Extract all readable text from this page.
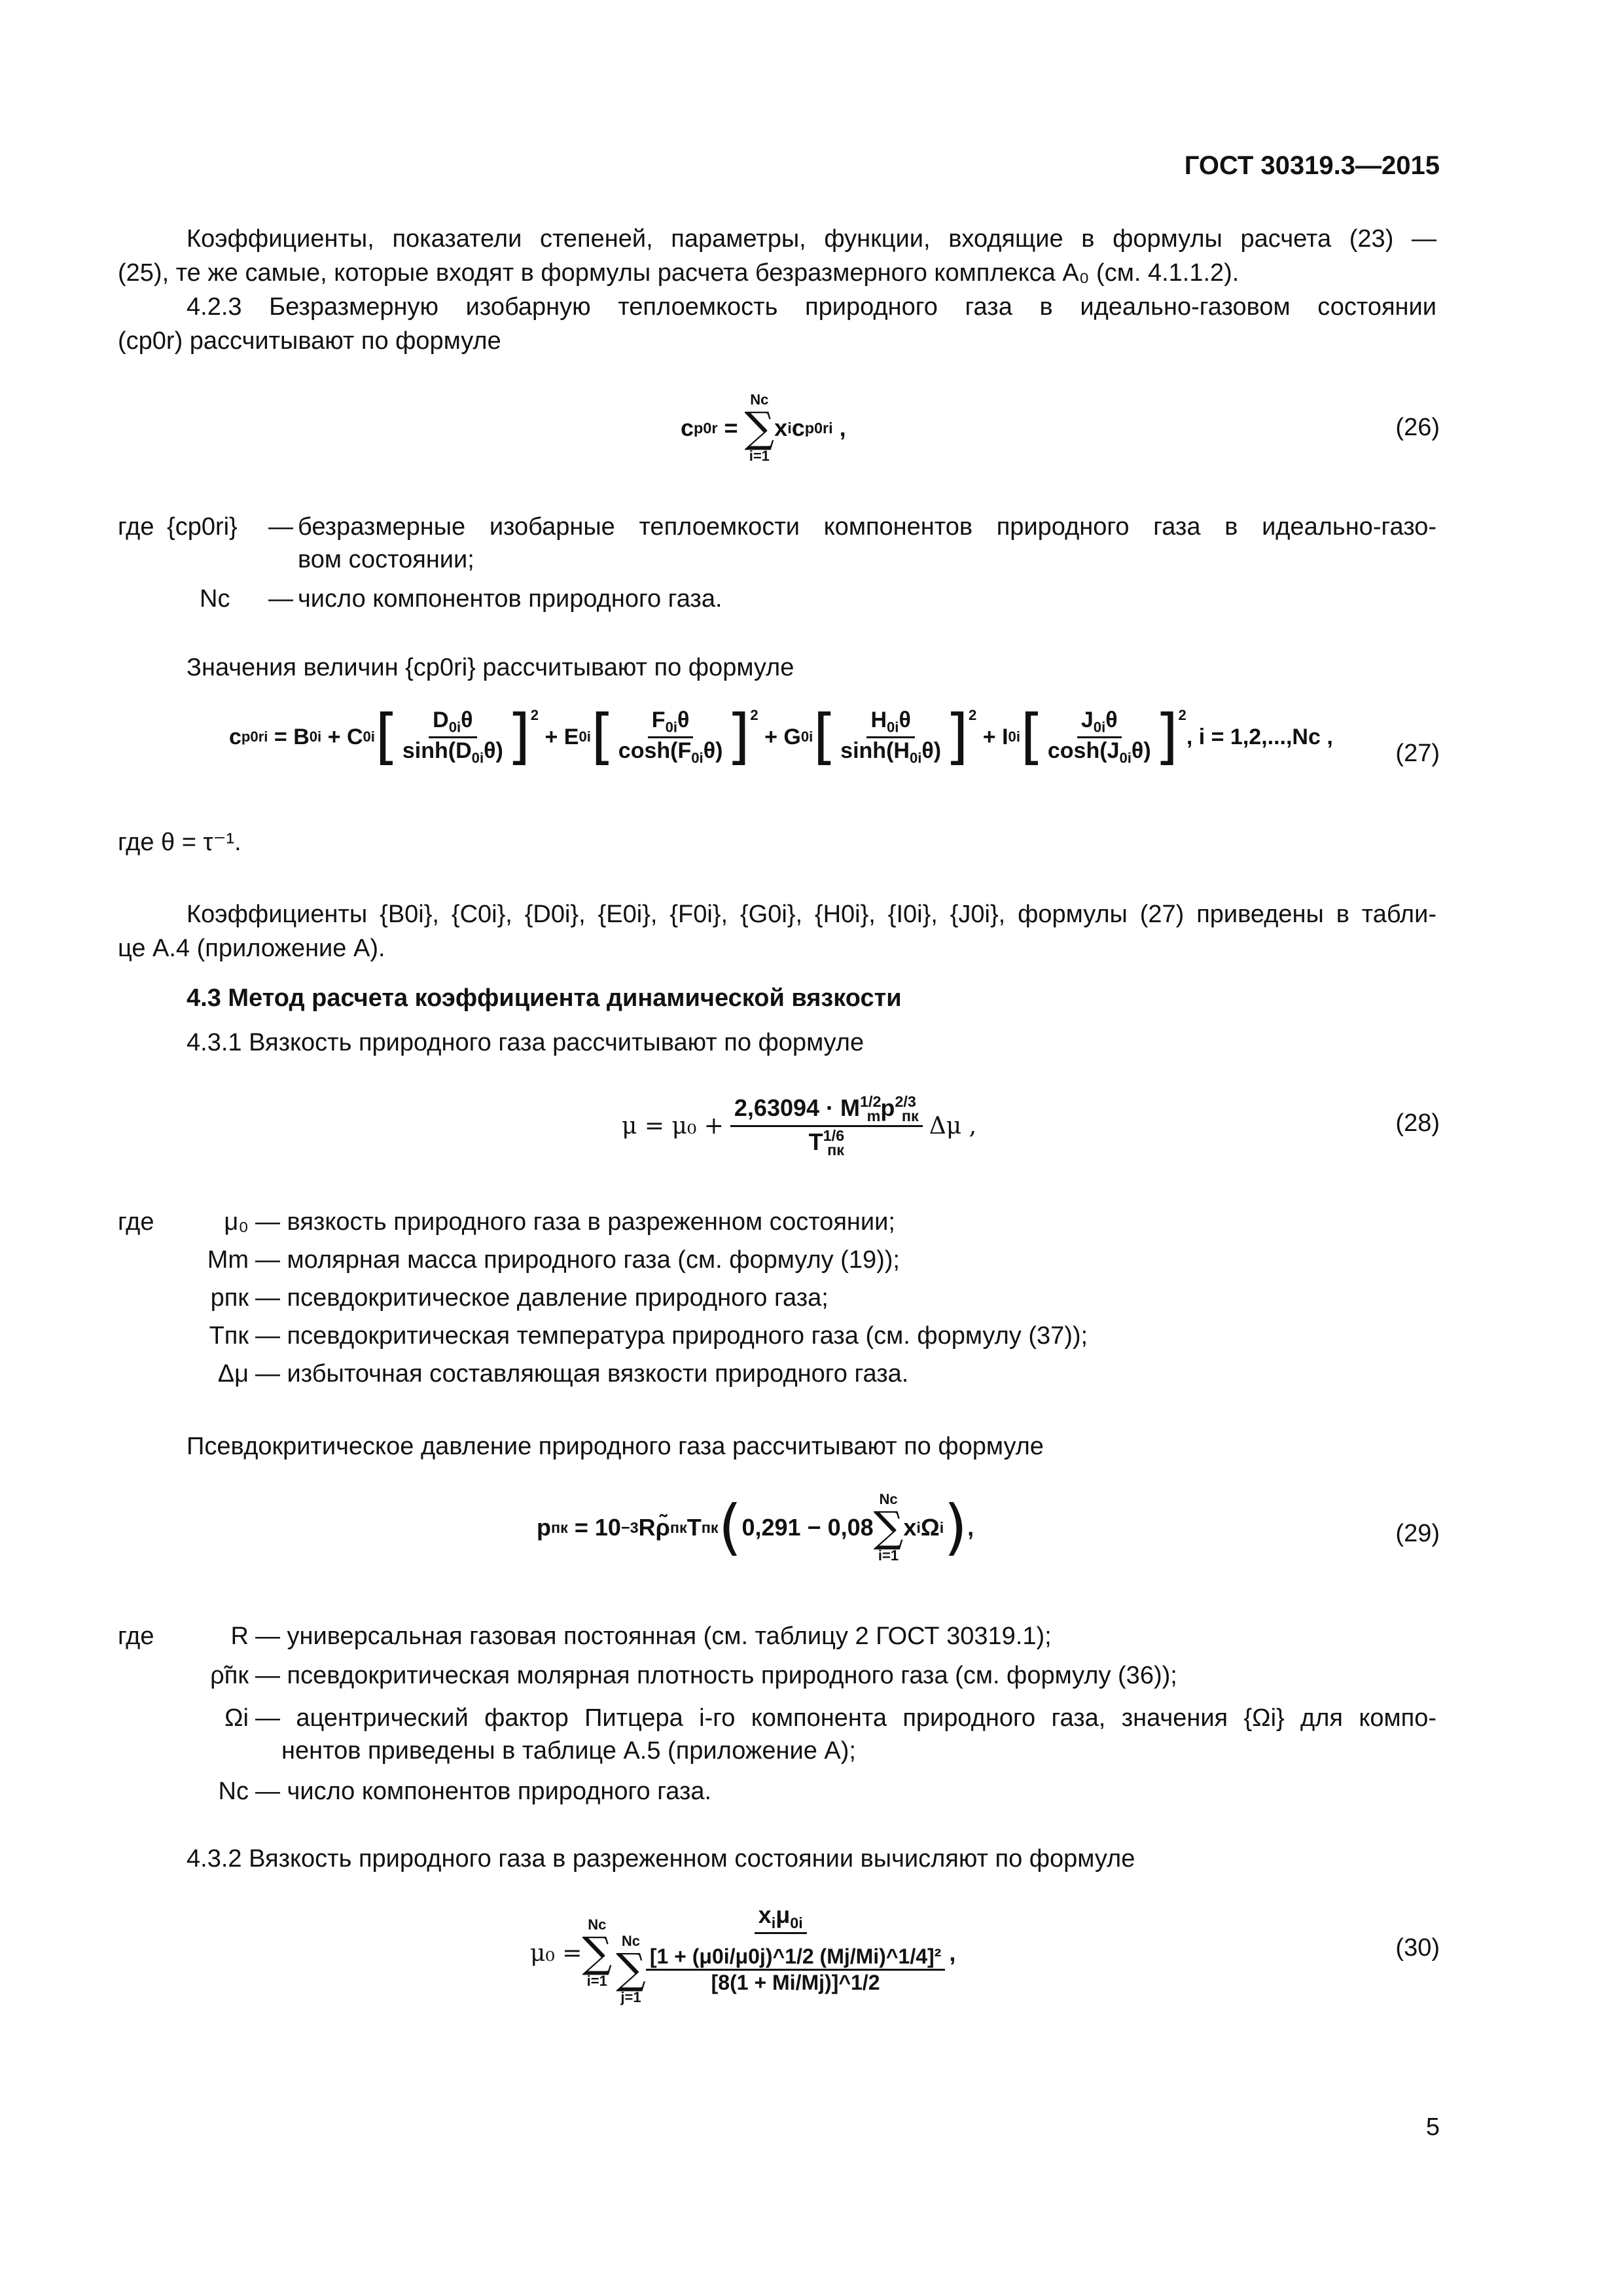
ГОСТ 30319.3—2015
Коэффициенты, показатели степеней, параметры, функции, входящие в формулы расчета (23) —
(25), те же самые, которые входят в формулы расчета безразмерного комплекса A₀ (см. 4.1.1.2).
4.2.3 Безразмерную изобарную теплоемкость природного газа в идеально-газовом состоянии
(cp0r) рассчитывают по формуле
c p0r =
Nc
∑
i=1
x i c p0ri
,	(26)
где {cp0ri} — безразмерные изобарные теплоемкости компонентов природного газа в идеально-газо-
вом состоянии;
Nc — число компонентов природного газа.
Значения величин {cp0ri} рассчитывают по формуле
c p0ri = B 0i + C 0i [ $\frac{D_{0i}\theta}{\sinh(D_{0i}\theta)} ]^2$
+ E 0i [ $\frac{F_{0i}\theta}{\cosh(F_{0i}\theta)} ]^2$
+ G 0i [ $\frac{H_{0i}\theta}{\sinh(H_{0i}\theta)} ]^2$
+ I 0i [ $\frac{J_{0i}\theta}{\cosh(J_{0i}\theta)} ]^2$
, i = 1,2,...,Nc ,
(27)
где θ = τ⁻¹.
Коэффициенты {B0i}, {C0i}, {D0i}, {E0i}, {F0i}, {G0i}, {H0i}, {I0i}, {J0i}, формулы (27) приведены в табли-
це А.4 (приложение А).
4.3 Метод расчета коэффициента динамической вязкости
4.3.1 Вязкость природного газа рассчитывают по формуле
μ = μ₀ +
$\frac{2,63094 \cdot M^{1/2}_mp^{2/3}_{пк}}{T^{1/6}_{пк}}$
Δμ ,	(28)
где	μ₀ — вязкость природного газа в разреженном состоянии;
Mm — молярная масса природного газа (см. формулу (19));
pпк — псевдокритическое давление природного газа;
Tпк — псевдокритическая температура природного газа (см. формулу (37));
Δμ — избыточная составляющая вязкости природного газа.
Псевдокритическое давление природного газа рассчитывают по формуле
p пк
= 10 −3 R ρ̃ пк T пк ( 0,291 − 0,08
Nc
∑
i=1
x i Ω i ) ,	(29)
где	R — универсальная газовая постоянная (см. таблицу 2 ГОСТ 30319.1);
ρ̃пк — псевдокритическая молярная плотность природного газа (см. формулу (36));
Ωi — ацентрический фактор Питцера i-го компонента природного газа, значения {Ωi} для компо-
нентов приведены в таблице А.5 (приложение А);
Nc — число компонентов природного газа.
4.3.2 Вязкость природного газа в разреженном состоянии вычисляют по формуле
μ₀ =
Nc
∑
i=1
$x_i\mu_{0i}$
Nc
∑
j=1
$\frac{\text{[1 + (μ0i/μ0j)\textasciicircum{}1/2 (Mj/Mi)\textasciicircum{}1/4]²}}{[8(1 + Mi/Mj)]\^{}1/2}$ ,	(30)
5
